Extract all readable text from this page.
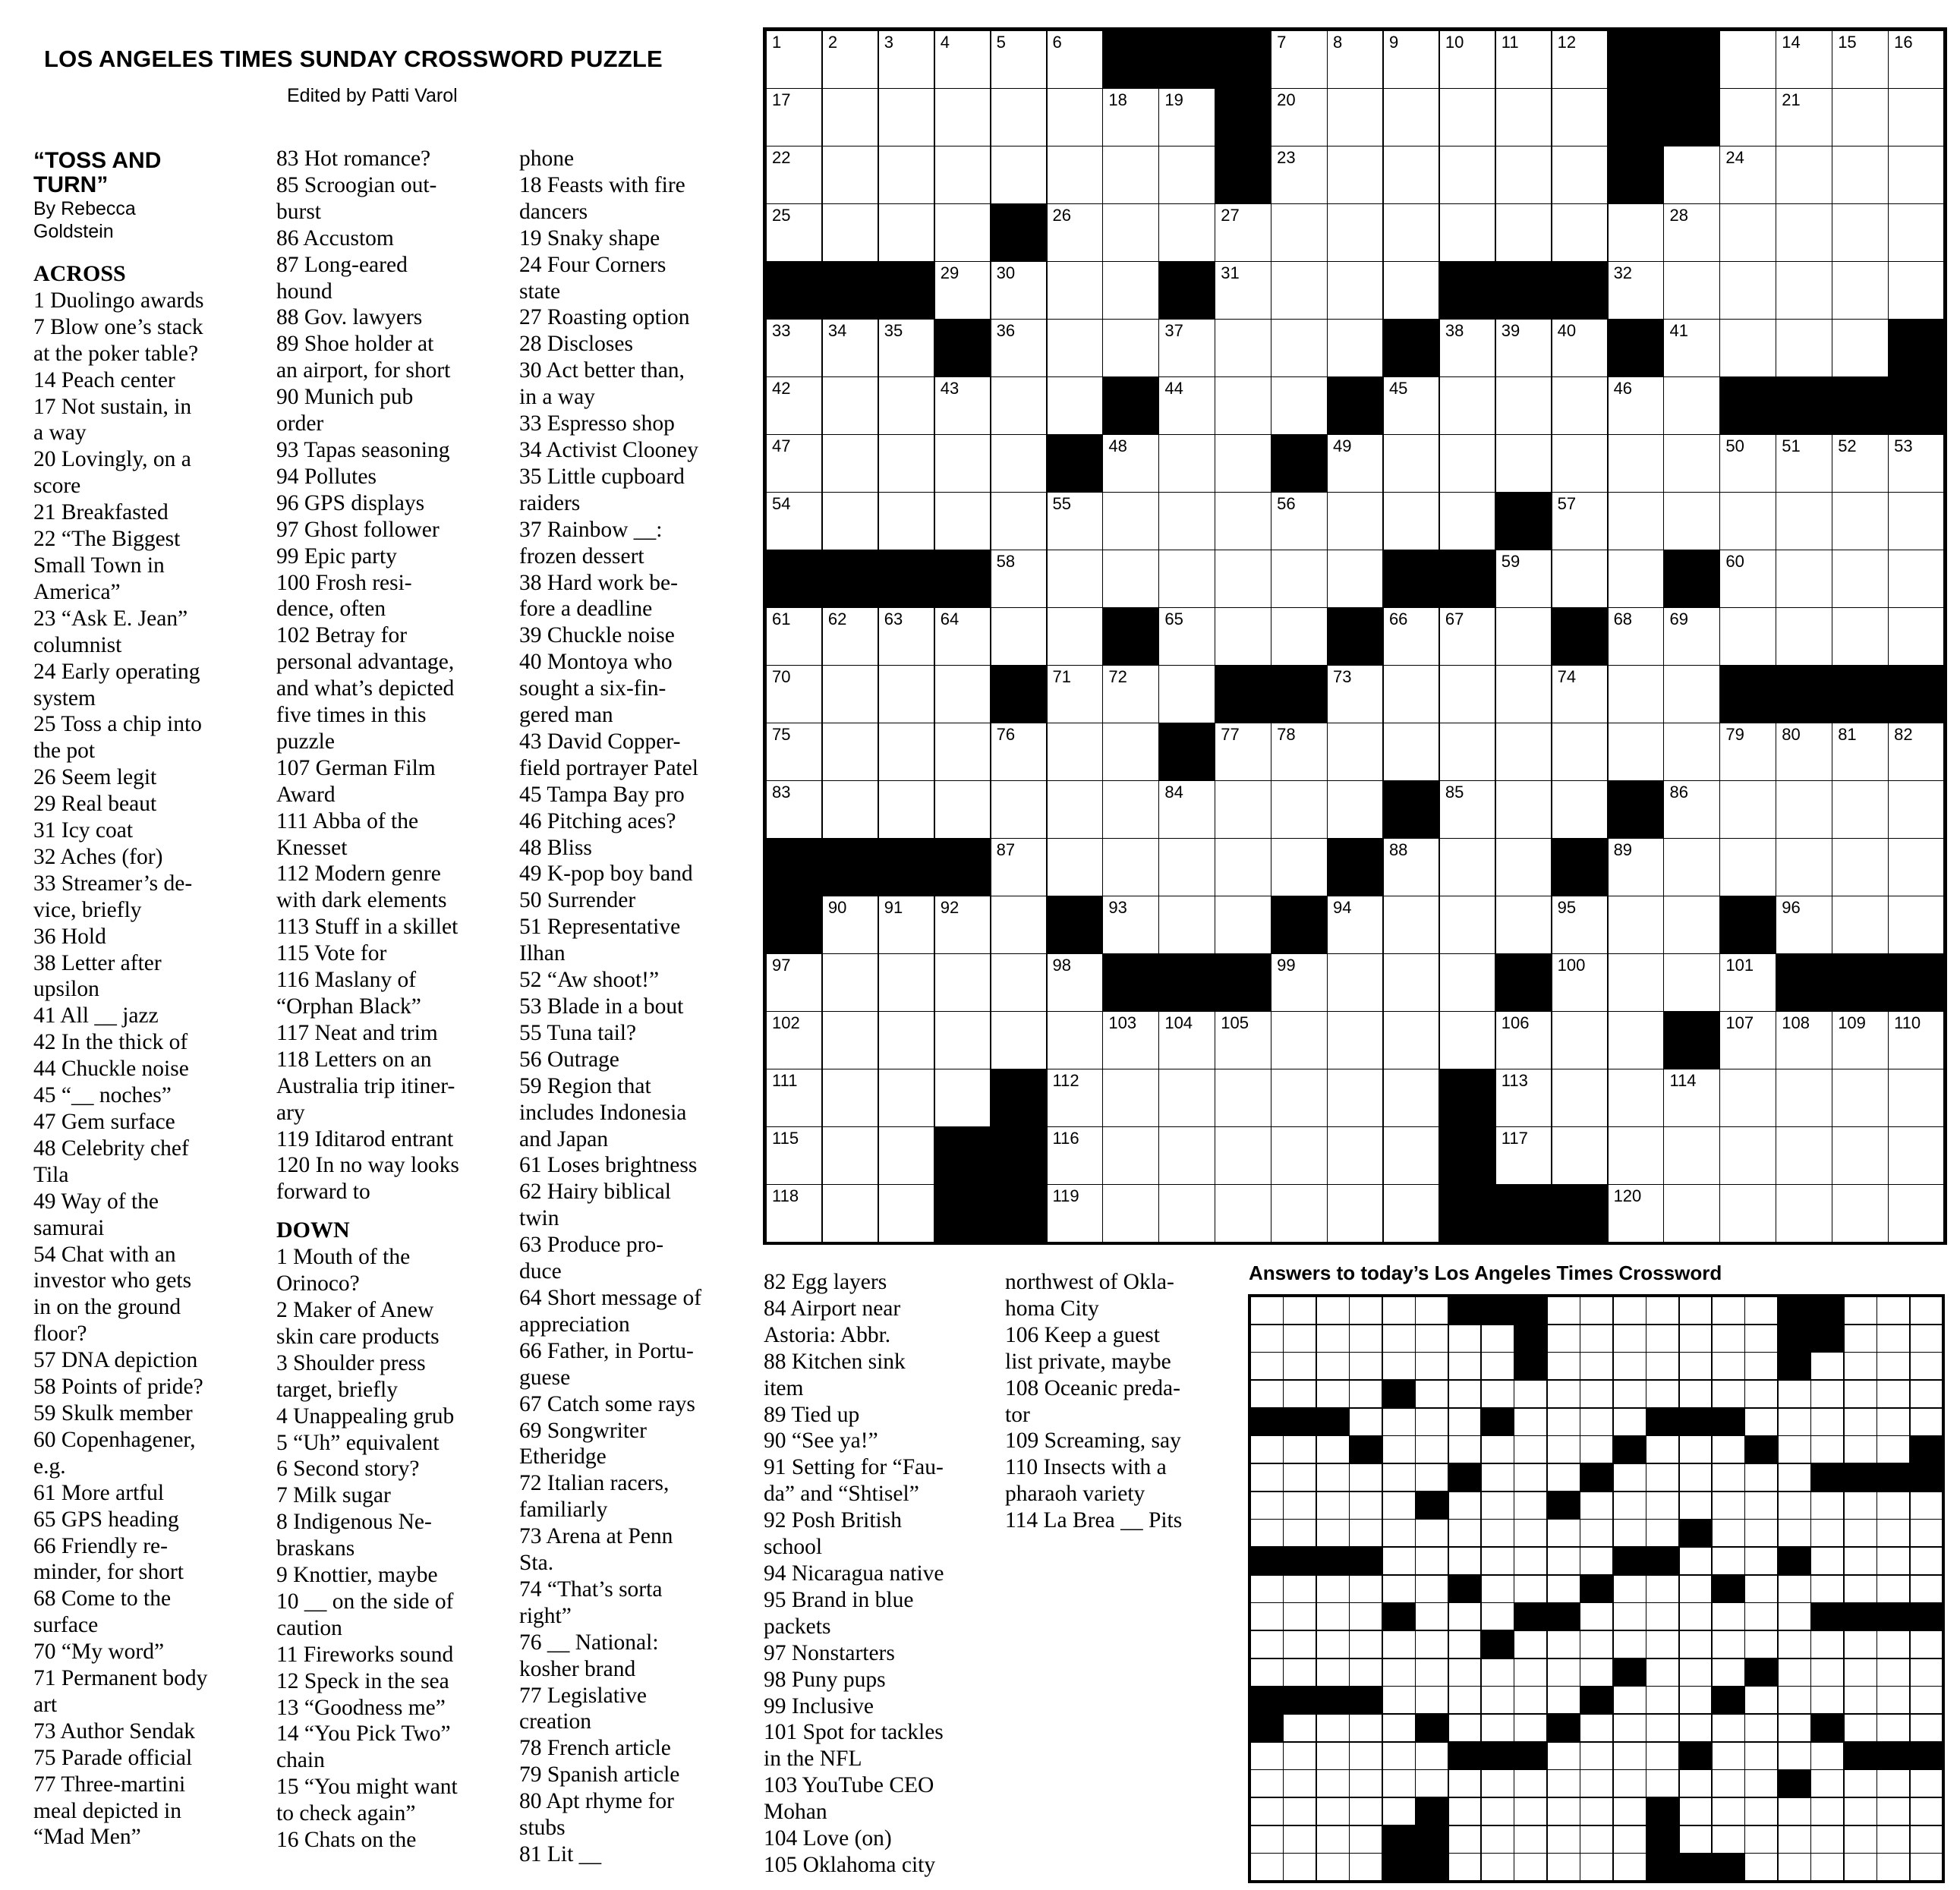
LOS ANGELES TIMES SUNDAY CROSSWORD PUZZLE
Edited by Patti Varol
“TOSS AND
TURN”
By Rebecca
Goldstein
ACROSS
1 Duolingo awards
7 Blow one’s stack
at the poker table?
14 Peach center
17 Not sustain, in
a way
20 Lovingly, on a
score
21 Breakfasted
22 “The Biggest
Small Town in
America”
23 “Ask E. Jean”
columnist
24 Early operating
system
25 Toss a chip into
the pot
26 Seem legit
29 Real beaut
31 Icy coat
32 Aches (for)
33 Streamer’s de-
vice, briefly
36 Hold
38 Letter after
upsilon
41 All __ jazz
42 In the thick of
44 Chuckle noise
45 “__ noches”
47 Gem surface
48 Celebrity chef
Tila
49 Way of the
samurai
54 Chat with an
investor who gets
in on the ground
floor?
57 DNA depiction
58 Points of pride?
59 Skulk member
60 Copenhagener,
e.g.
61 More artful
65 GPS heading
66 Friendly re-
minder, for short
68 Come to the
surface
70 “My word”
71 Permanent body
art
73 Author Sendak
75 Parade official
77 Three-martini
meal depicted in
“Mad Men”
83 Hot romance?
85 Scroogian out-
burst
86 Accustom
87 Long-eared
hound
88 Gov. lawyers
89 Shoe holder at
an airport, for short
90 Munich pub
order
93 Tapas seasoning
94 Pollutes
96 GPS displays
97 Ghost follower
99 Epic party
100 Frosh resi-
dence, often
102 Betray for
personal advantage,
and what’s depicted
five times in this
puzzle
107 German Film
Award
111 Abba of the
Knesset
112 Modern genre
with dark elements
113 Stuff in a skillet
115 Vote for
116 Maslany of
“Orphan Black”
117 Neat and trim
118 Letters on an
Australia trip itiner-
ary
119 Iditarod entrant
120 In no way looks
forward to
DOWN
1 Mouth of the
Orinoco?
2 Maker of Anew
skin care products
3 Shoulder press
target, briefly
4 Unappealing grub
5 “Uh” equivalent
6 Second story?
7 Milk sugar
8 Indigenous Ne-
braskans
9 Knottier, maybe
10 __ on the side of
caution
11 Fireworks sound
12 Speck in the sea
13 “Goodness me”
14 “You Pick Two”
chain
15 “You might want
to check again”
16 Chats on the
phone
18 Feasts with fire
dancers
19 Snaky shape
24 Four Corners
state
27 Roasting option
28 Discloses
30 Act better than,
in a way
33 Espresso shop
34 Activist Clooney
35 Little cupboard
raiders
37 Rainbow __:
frozen dessert
38 Hard work be-
fore a deadline
39 Chuckle noise
40 Montoya who
sought a six-fin-
gered man
43 David Copper-
field portrayer Patel
45 Tampa Bay pro
46 Pitching aces?
48 Bliss
49 K-pop boy band
50 Surrender
51 Representative
Ilhan
52 “Aw shoot!”
53 Blade in a bout
55 Tuna tail?
56 Outrage
59 Region that
includes Indonesia
and Japan
61 Loses brightness
62 Hairy biblical
twin
63 Produce pro-
duce
64 Short message of
appreciation
66 Father, in Portu-
guese
67 Catch some rays
69 Songwriter
Etheridge
72 Italian racers,
familiarly
73 Arena at Penn
Sta.
74 “That’s sorta
right”
76 __ National:
kosher brand
77 Legislative
creation
78 French article
79 Spanish article
80 Apt rhyme for
stubs
81 Lit __
82 Egg layers
84 Airport near
Astoria: Abbr.
88 Kitchen sink
item
89 Tied up
90 “See ya!”
91 Setting for “Fau-
da” and “Shtisel”
92 Posh British
school
94 Nicaragua native
95 Brand in blue
packets
97 Nonstarters
98 Puny pups
99 Inclusive
101 Spot for tackles
in the NFL
103 YouTube CEO
Mohan
104 Love (on)
105 Oklahoma city
northwest of Okla-
homa City
106 Keep a guest
list private, maybe
108 Oceanic preda-
tor
109 Screaming, say
110 Insects with a
pharaoh variety
114 La Brea __ Pits
1	2	3	4	5	6	7	8	9	10 11 12	14 15 16
17	18 19	20	21
22	23	24
25	26	27	28
29 30	31	32
33 34 35	36	37	38 39 40	41
42	43	44	45	46
47	48	49	50 51 52 53
54	55	56	57
58	59	60
61 62 63 64	65	66 67	68 69
70	71 72	73	74
75	76	77 78	79 80 81 82
83	84	85	86
87	88	89
90 91 92	93	94	95	96
97	98	99	100	101
102	103 104 105	106	107 108 109 110
111	112	113	114
115	116	117
118	119	120
Answers to today’s Los Angeles Times Crossword
